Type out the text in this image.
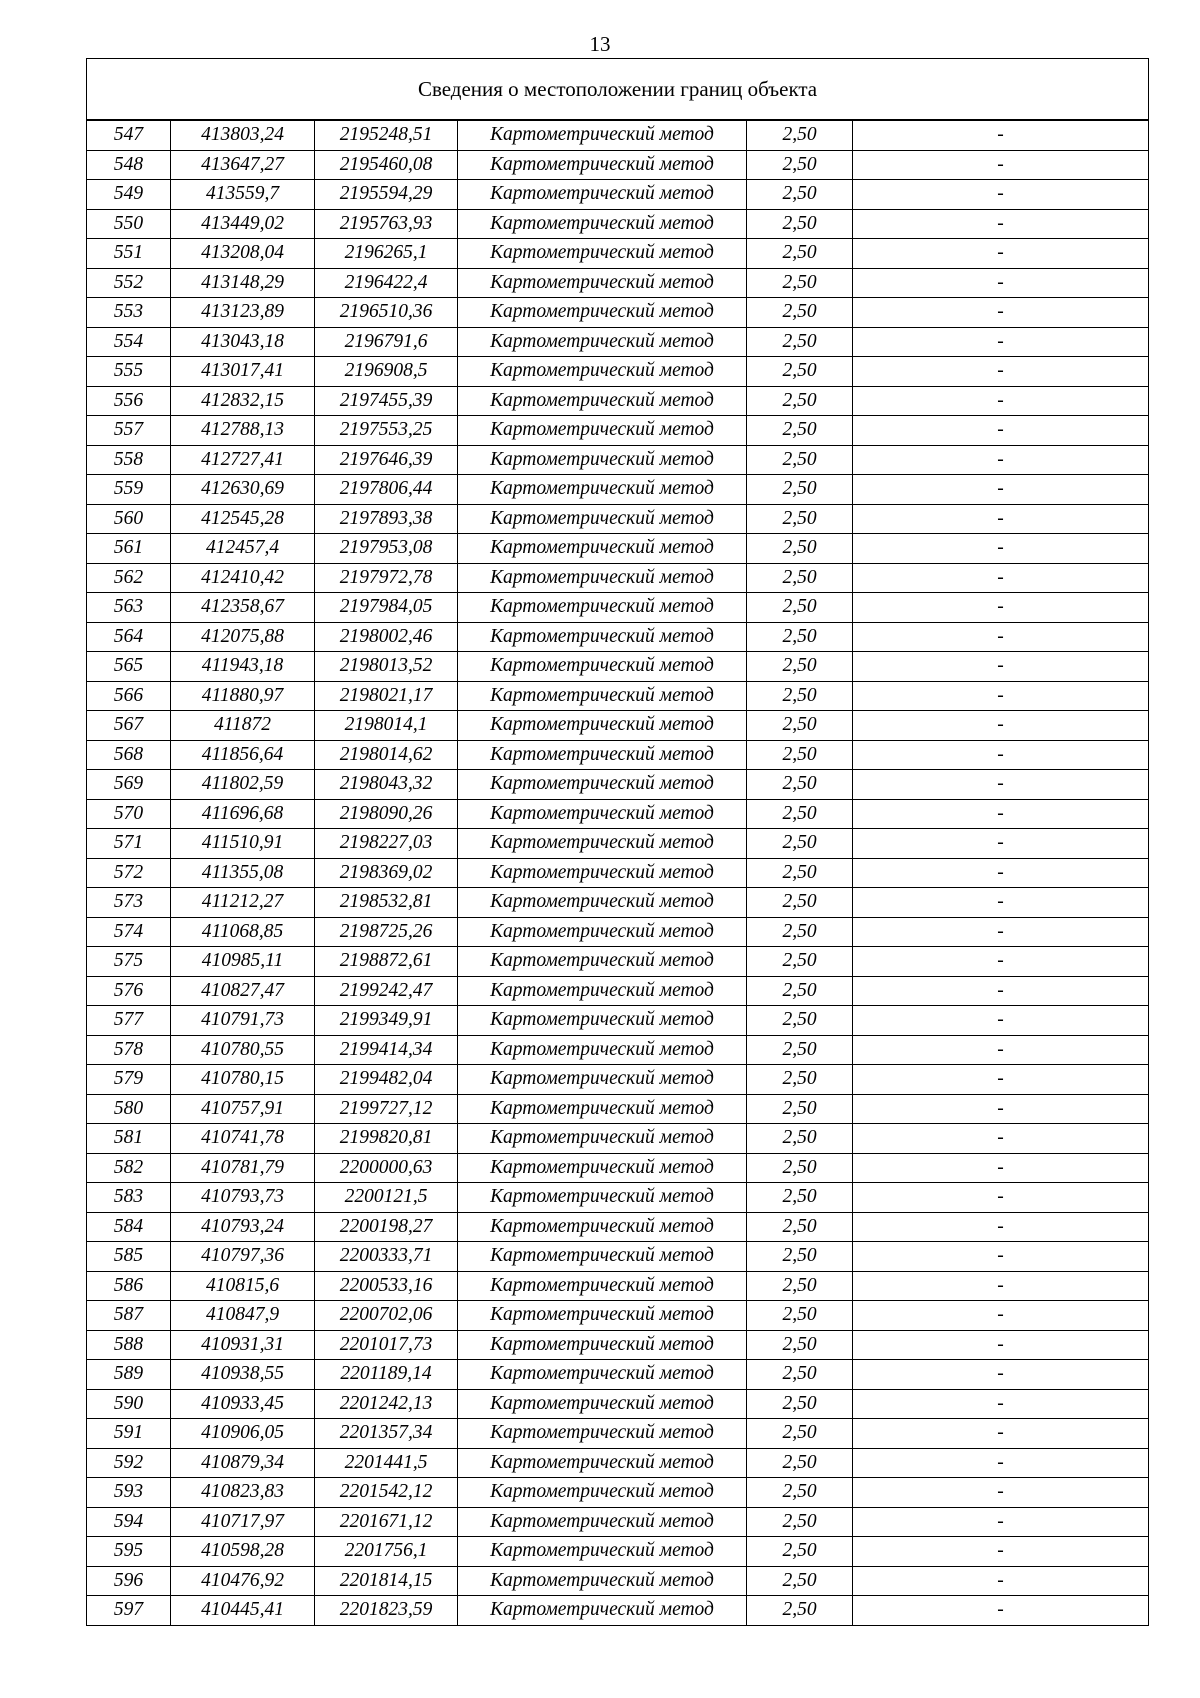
13
Сведения о местоположении границ объекта					
547	413803,24	2195248,51	Картометрический метод	2,50	-
548	413647,27	2195460,08	Картометрический метод	2,50	-
549	413559,7	2195594,29	Картометрический метод	2,50	-
550	413449,02	2195763,93	Картометрический метод	2,50	-
551	413208,04	2196265,1	Картометрический метод	2,50	-
552	413148,29	2196422,4	Картометрический метод	2,50	-
553	413123,89	2196510,36	Картометрический метод	2,50	-
554	413043,18	2196791,6	Картометрический метод	2,50	-
555	413017,41	2196908,5	Картометрический метод	2,50	-
556	412832,15	2197455,39	Картометрический метод	2,50	-
557	412788,13	2197553,25	Картометрический метод	2,50	-
558	412727,41	2197646,39	Картометрический метод	2,50	-
559	412630,69	2197806,44	Картометрический метод	2,50	-
560	412545,28	2197893,38	Картометрический метод	2,50	-
561	412457,4	2197953,08	Картометрический метод	2,50	-
562	412410,42	2197972,78	Картометрический метод	2,50	-
563	412358,67	2197984,05	Картометрический метод	2,50	-
564	412075,88	2198002,46	Картометрический метод	2,50	-
565	411943,18	2198013,52	Картометрический метод	2,50	-
566	411880,97	2198021,17	Картометрический метод	2,50	-
567	411872	2198014,1	Картометрический метод	2,50	-
568	411856,64	2198014,62	Картометрический метод	2,50	-
569	411802,59	2198043,32	Картометрический метод	2,50	-
570	411696,68	2198090,26	Картометрический метод	2,50	-
571	411510,91	2198227,03	Картометрический метод	2,50	-
572	411355,08	2198369,02	Картометрический метод	2,50	-
573	411212,27	2198532,81	Картометрический метод	2,50	-
574	411068,85	2198725,26	Картометрический метод	2,50	-
575	410985,11	2198872,61	Картометрический метод	2,50	-
576	410827,47	2199242,47	Картометрический метод	2,50	-
577	410791,73	2199349,91	Картометрический метод	2,50	-
578	410780,55	2199414,34	Картометрический метод	2,50	-
579	410780,15	2199482,04	Картометрический метод	2,50	-
580	410757,91	2199727,12	Картометрический метод	2,50	-
581	410741,78	2199820,81	Картометрический метод	2,50	-
582	410781,79	2200000,63	Картометрический метод	2,50	-
583	410793,73	2200121,5	Картометрический метод	2,50	-
584	410793,24	2200198,27	Картометрический метод	2,50	-
585	410797,36	2200333,71	Картометрический метод	2,50	-
586	410815,6	2200533,16	Картометрический метод	2,50	-
587	410847,9	2200702,06	Картометрический метод	2,50	-
588	410931,31	2201017,73	Картометрический метод	2,50	-
589	410938,55	2201189,14	Картометрический метод	2,50	-
590	410933,45	2201242,13	Картометрический метод	2,50	-
591	410906,05	2201357,34	Картометрический метод	2,50	-
592	410879,34	2201441,5	Картометрический метод	2,50	-
593	410823,83	2201542,12	Картометрический метод	2,50	-
594	410717,97	2201671,12	Картометрический метод	2,50	-
595	410598,28	2201756,1	Картометрический метод	2,50	-
596	410476,92	2201814,15	Картометрический метод	2,50	-
597	410445,41	2201823,59	Картометрический метод	2,50	-
